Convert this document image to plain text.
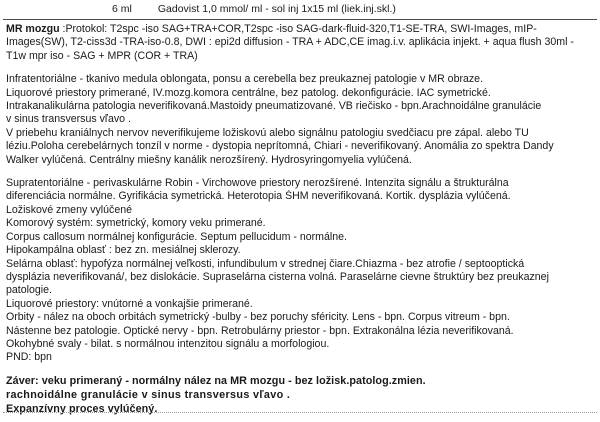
6 ml Gadovist 1,0 mmol/ ml - sol inj 1x15 ml (liek.inj.skl.)

MR mozgu :Protokol: T2spc -iso SAG+TRA+COR,T2spc -iso SAG-dark-fluid-320,T1-SE-TRA, SWI-Images, mIP-Images(SW), T2-ciss3d -TRA-iso-0.8, DWI : epi2d diffusion - TRA + ADC,CE imag.i.v. aplikácia injekt. + aqua flush 30ml - T1w mpr iso - SAG + MPR (COR + TRA)

Infratentoriálne - tkanivo medula oblongata, ponsu a cerebella bez preukaznej patologie v MR obraze.

Liquorové priestory primerané, IV.mozg.komora centrálne, bez patolog. dekonfigurácie. IAC symetrické.

Intrakanalikulárna patologia neverifikovaná.Mastoidy pneumatizované. VB riečisko - bpn.Arachnoidálne granulácie

v sinus transversus vľavo .

V priebehu kraniálnych nervov neverifikujeme ložiskovú alebo signálnu patologiu svedčiacu pre zápal. alebo TU

léziu.Poloha cerebelárnych tonzíl v norme - dystopia neprítomná, Chiari - neverifikovaný. Anomália zo spektra Dandy

Walker vylúčená. Centrálny miešny kanálik nerozšírený. Hydrosyringomyelia vylúčená.

Supratentoriálne - perivaskulárne Robin - Virchowove priestory nerozšírené. Intenzita signálu a štrukturálna

diferenciácia normálne. Gyrifikácia symetrická. Heterotopia ŠHM neverifikovaná. Kortik. dysplázia vylúčená.

Ložiskové zmeny vylúčené

Komorový systém: symetrický, komory veku primerané.

Corpus callosum normálnej konfigurácie. Septum pellucidum - normálne.

Hipokampálna oblasť : bez zn. mesiálnej sklerozy.

Selárna oblasť: hypofýza normálnej veľkosti, infundibulum v strednej čiare.Chiazma - bez atrofie / septooptická

dysplázia neverifikovaná/, bez dislokácie. Supraselárna cisterna volná. Paraselárne cievne štruktúry bez preukaznej

patologie.

Liquorové priestory: vnútorné a vonkajšie primerané.

Orbity - nález na oboch orbitách symetrický -bulby - bez poruchy sféricity. Lens - bpn. Corpus vitreum - bpn.

Nástenne bez patologie. Optické nervy - bpn. Retrobulárny priestor - bpn. Extrakonálna lézia neverifikovaná.

Okohybné svaly - bilat. s normálnou intenzitou signálu a morfologiou.

PND: bpn

Záver: veku primeraný - normálny nález na MR mozgu - bez ložisk.patolog.zmien.

rachnoidálne granulácie v sinus transversus vľavo .

Expanzívny proces vylúčený.
